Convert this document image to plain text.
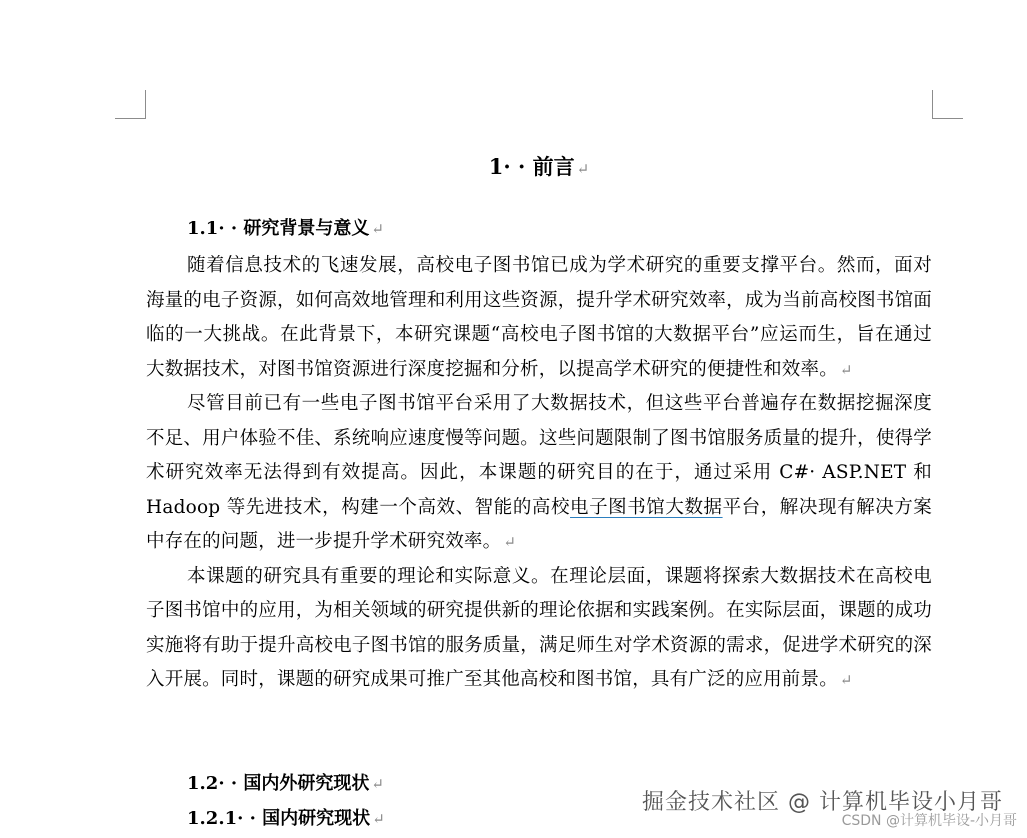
1· · 前言 ↵
1.1· · 研究背景与意义 ↵

随着信息技术的飞速发展，高校电子图书馆已成为学术研究的重要支撑平台。然而，面对海量的电子资源，如何高效地管理和利用这些资源，提升学术研究效率，成为当前高校图书馆面临的一大挑战。在此背景下，本研究课题“高校电子图书馆的大数据平台”应运而生，旨在通过大数据技术，对图书馆资源进行深度挖掘和分析，以提高学术研究的便捷性和效率。 ↵

尽管目前已有一些电子图书馆平台采用了大数据技术，但这些平台普遍存在数据挖掘深度不足、用户体验不佳、系统响应速度慢等问题。这些问题限制了图书馆服务质量的提升，使得学术研究效率无法得到有效提高。因此，本课题的研究目的在于，通过采用 C#· ASP.NET 和 Hadoop 等先进技术，构建一个高效、智能的高校电子图书馆大数据平台，解决现有解决方案中存在的问题，进一步提升学术研究效率。 ↵

本课题的研究具有重要的理论和实际意义。在理论层面，课题将探索大数据技术在高校电子图书馆中的应用，为相关领域的研究提供新的理论依据和实践案例。在实际层面，课题的成功实施将有助于提升高校电子图书馆的服务质量，满足师生对学术资源的需求，促进学术研究的深入开展。同时，课题的研究成果可推广至其他高校和图书馆，具有广泛的应用前景。 ↵

1.2· · 国内外研究现状 ↵
1.2.1· · 国内研究现状 ↵
掘金技术社区 @ 计算机毕设小月哥
CSDN @计算机毕设-小月哥
